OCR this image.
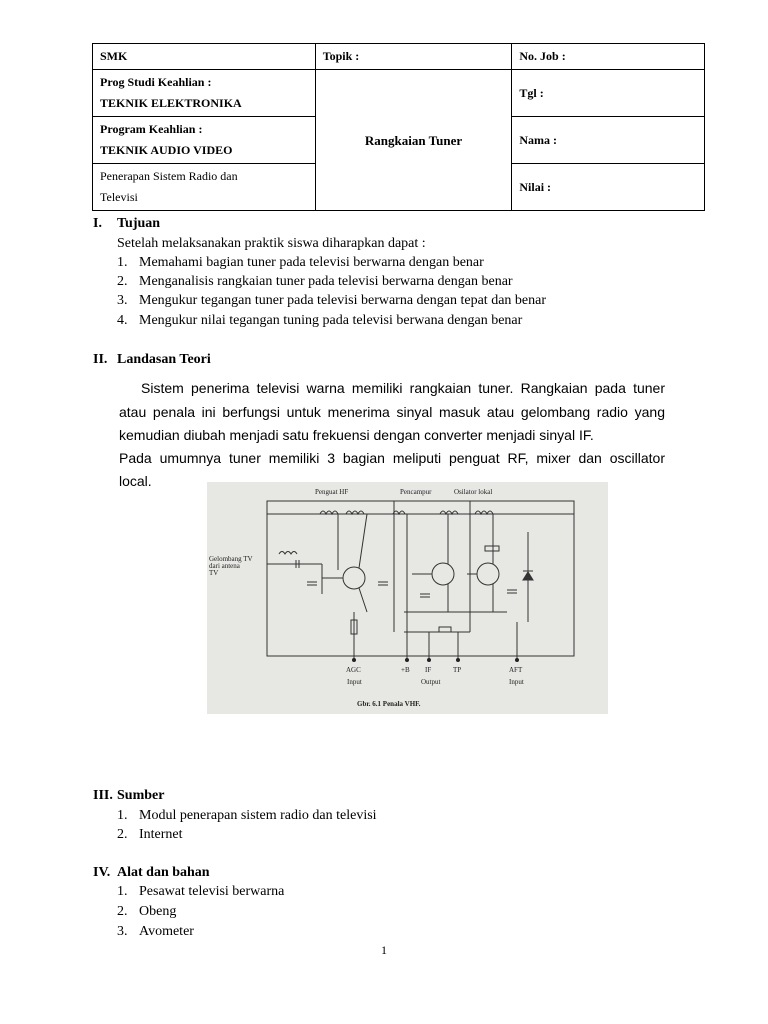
SMK	Topik :	No. Job :

Prog Studi Keahlian :
TEKNIK ELEKTRONIKA	Rangkaian Tuner	Tgl :

Program Keahlian :
TEKNIK AUDIO VIDEO		Nama :

Penerapan Sistem Radio dan
Televisi		Nilai :
I. Tujuan
Setelah melaksanakan praktik siswa diharapkan dapat :
1. Memahami bagian tuner pada televisi berwarna dengan benar
2. Menganalisis rangkaian tuner pada televisi berwarna dengan benar
3. Mengukur tegangan tuner pada televisi berwarna dengan tepat dan benar
4. Mengukur nilai tegangan tuning pada televisi berwana dengan benar
II. Landasan Teori
Sistem penerima televisi warna memiliki rangkaian tuner. Rangkaian pada tuner atau penala ini berfungsi untuk menerima sinyal masuk atau gelombang radio yang kemudian diubah menjadi satu frekuensi dengan converter menjadi sinyal IF.
Pada umumnya tuner memiliki 3 bagian meliputi penguat RF, mixer dan oscillator
local.
Penguat HF	Pencampur	Osilator lokal
Gelombang TV
dari antena
TV
AGC
Input
+B IF	TP
Output
AFT
Input
Gbr. 6.1 Penala VHF.
III. Sumber
1. Modul penerapan sistem radio dan televisi
2. Internet
IV. Alat dan bahan
1. Pesawat televisi berwarna
2. Obeng
3. Avometer
1
